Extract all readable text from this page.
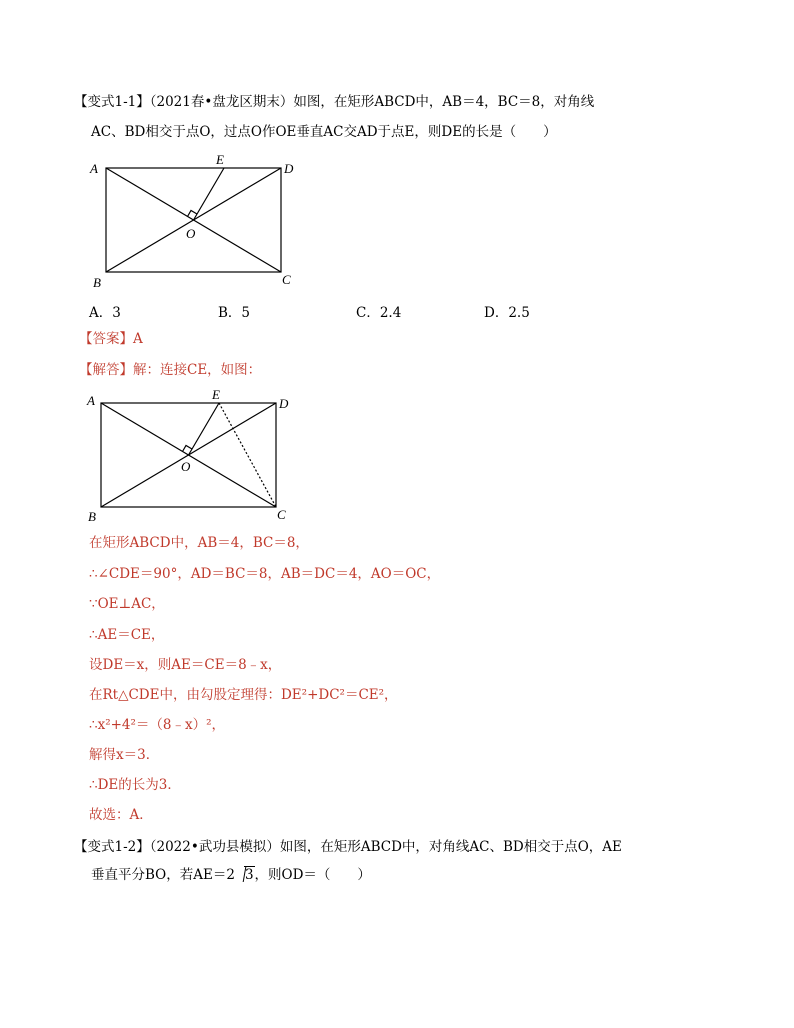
【变式1-1】（2021春•盘龙区期末）如图，在矩形ABCD中，AB＝4，BC＝8，对角线
AC、BD相交于点O，过点O作OE垂直AC交AD于点E，则DE的长是（　　）
A	D
E
O
B	C
A．3	B．5	C．2.4	D．2.5
【答案】A
【解答】解：连接CE，如图：
A	D
E
O
B	C
在矩形ABCD中，AB＝4，BC＝8，
∴∠CDE＝90°，AD＝BC＝8，AB＝DC＝4，AO＝OC，
∵OE⊥AC，
∴AE＝CE，
设DE＝x，则AE＝CE＝8﹣x，
在Rt△CDE中，由勾股定理得：DE²+DC²＝CE²，
∴x²+4²＝（8﹣x）²，
解得x＝3．
∴DE的长为3．
故选：A．
【变式1-2】（2022•武功县模拟）如图，在矩形ABCD中，对角线AC、BD相交于点O，AE
垂直平分BO，若AE＝2 3，则OD＝（　　）
